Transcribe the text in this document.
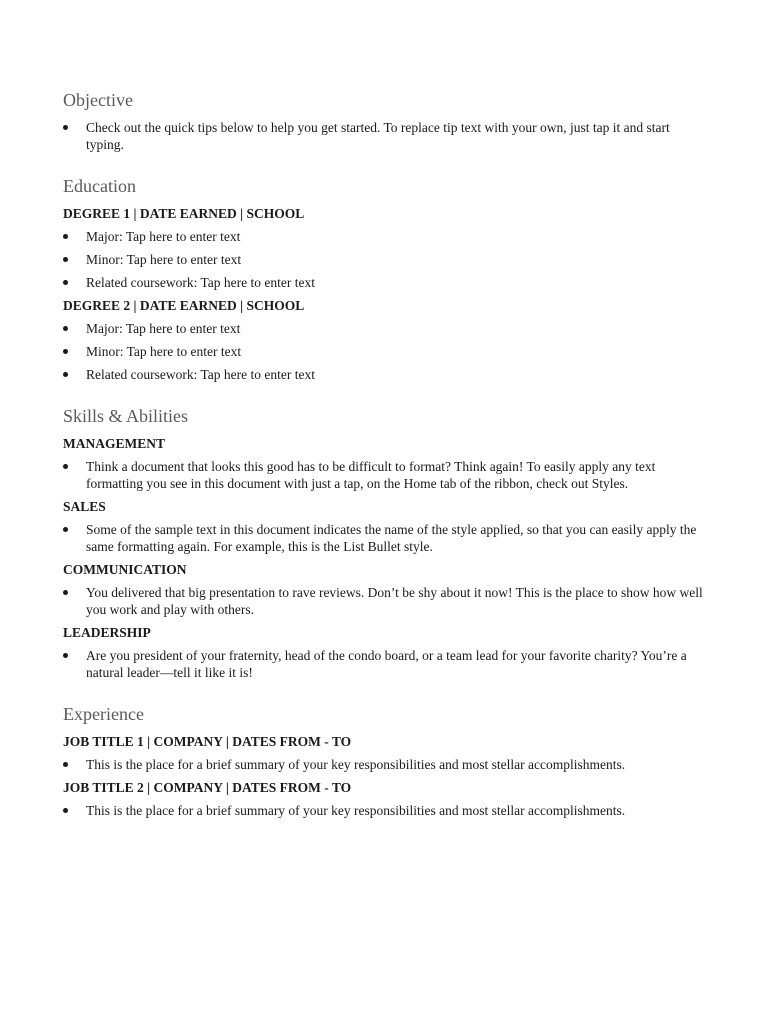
Objective
Check out the quick tips below to help you get started. To replace tip text with your own, just tap it and start typing.
Education
DEGREE 1 | DATE EARNED | SCHOOL
Major: Tap here to enter text
Minor: Tap here to enter text
Related coursework: Tap here to enter text
DEGREE 2 | DATE EARNED | SCHOOL
Major: Tap here to enter text
Minor: Tap here to enter text
Related coursework: Tap here to enter text
Skills & Abilities
MANAGEMENT
Think a document that looks this good has to be difficult to format? Think again! To easily apply any text formatting you see in this document with just a tap, on the Home tab of the ribbon, check out Styles.
SALES
Some of the sample text in this document indicates the name of the style applied, so that you can easily apply the same formatting again. For example, this is the List Bullet style.
COMMUNICATION
You delivered that big presentation to rave reviews. Don’t be shy about it now! This is the place to show how well you work and play with others.
LEADERSHIP
Are you president of your fraternity, head of the condo board, or a team lead for your favorite charity? You’re a natural leader—tell it like it is!
Experience
JOB TITLE 1 | COMPANY | DATES FROM - TO
This is the place for a brief summary of your key responsibilities and most stellar accomplishments.
JOB TITLE 2 | COMPANY | DATES FROM - TO
This is the place for a brief summary of your key responsibilities and most stellar accomplishments.
